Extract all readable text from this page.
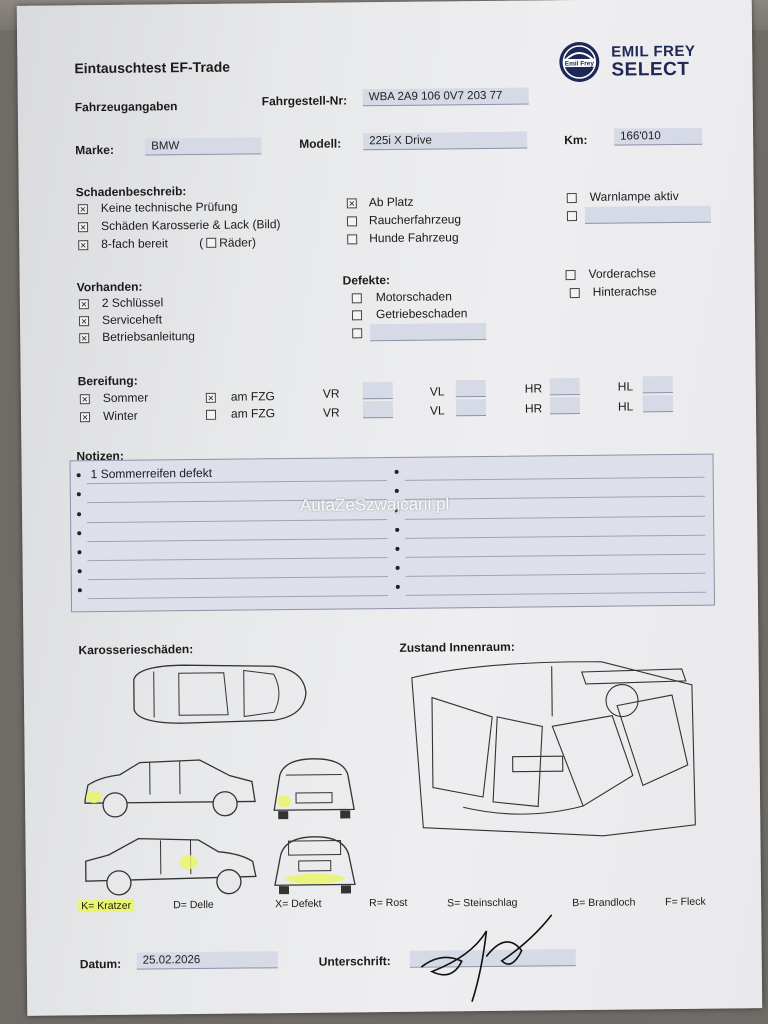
Eintauschtest EF-Trade	Emil Frey
EMIL FREY
SELECT
Fahrzeugangaben	Fahrgestell-Nr:	WBA 2A9 106 0V7 203 77
Marke:	BMW	Modell:	225i X Drive	Km:	166'010
Schadenbeschreib:
✕
Keine technische Prüfung
✕
Schäden Karosserie & Lack (Bild)
✕
8-fach bereit	( Räder)
✕
Ab Platz
Raucherfahrzeug
Hunde Fahrzeug
Warnlampe aktiv
Vorhanden:
✕
2 Schlüssel
✕
Serviceheft
✕
Betriebsanleitung
Defekte:
Motorschaden
Getriebeschaden
Vorderachse
Hinterachse
Bereifung:
✕
Sommer
✕	am FZG
✕
Winter	am FZG
VR	VL	HR	HL
VR	VL	HR	HL
Notizen:
1 Sommerreifen defekt
AutaZeSzwajcarii.pl
Karosserieschäden:
K= Kratzer	D= Delle	X= Defekt	R= Rost	S= Steinschlag	B= Brandloch	F= Fleck
Zustand Innenraum:
Datum:	25.02.2026	Unterschrift:
